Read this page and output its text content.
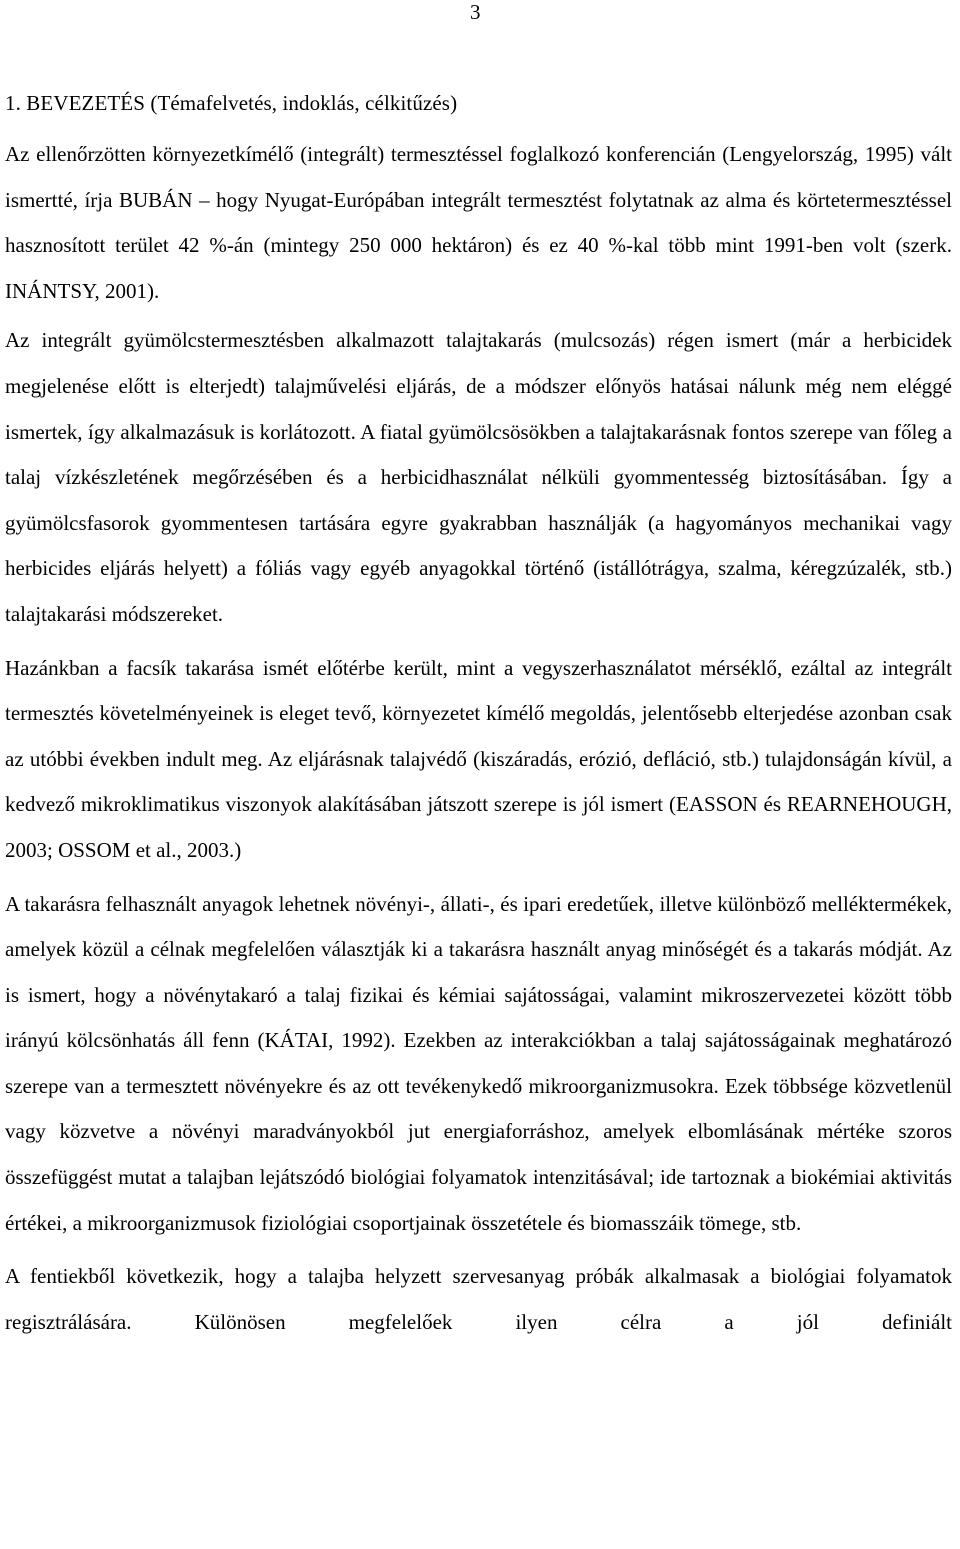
3
1. BEVEZETÉS (Témafelvetés, indoklás, célkitűzés)

Az ellenőrzötten környezetkímélő (integrált) termesztéssel foglalkozó konferencián (Lengyelország, 1995) vált ismertté, írja BUBÁN – hogy Nyugat-Európában integrált termesztést folytatnak az alma és körtetermesztéssel hasznosított terület 42 %-án (mintegy 250 000 hektáron) és ez 40 %-kal több mint 1991-ben volt (szerk. INÁNTSY, 2001).

Az integrált gyümölcstermesztésben alkalmazott talajtakarás (mulcsozás) régen ismert (már a herbicidek megjelenése előtt is elterjedt) talajművelési eljárás, de a módszer előnyös hatásai nálunk még nem eléggé ismertek, így alkalmazásuk is korlátozott. A fiatal gyümölcsösökben a talajtakarásnak fontos szerepe van főleg a talaj vízkészletének megőrzésében és a herbicidhasználat nélküli gyommentesség biztosításában. Így a gyümölcsfasorok gyommentesen tartására egyre gyakrabban használják (a hagyományos mechanikai vagy herbicides eljárás helyett) a fóliás vagy egyéb anyagokkal történő (istállótrágya, szalma, kéregzúzalék, stb.) talajtakarási módszereket.

Hazánkban a facsík takarása ismét előtérbe került, mint a vegyszerhasználatot mérséklő, ezáltal az integrált termesztés követelményeinek is eleget tevő, környezetet kímélő megoldás, jelentősebb elterjedése azonban csak az utóbbi években indult meg. Az eljárásnak talajvédő (kiszáradás, erózió, defláció, stb.) tulajdonságán kívül, a kedvező mikroklimatikus viszonyok alakításában játszott szerepe is jól ismert (EASSON és REARNEHOUGH, 2003; OSSOM et al., 2003.)

A takarásra felhasznált anyagok lehetnek növényi-, állati-, és ipari eredetűek, illetve különböző melléktermékek, amelyek közül a célnak megfelelően választják ki a takarásra használt anyag minőségét és a takarás módját. Az is ismert, hogy a növénytakaró a talaj fizikai és kémiai sajátosságai, valamint mikroszervezetei között több irányú kölcsönhatás áll fenn (KÁTAI, 1992). Ezekben az interakciókban a talaj sajátosságainak meghatározó szerepe van a termesztett növényekre és az ott tevékenykedő mikroorganizmusokra. Ezek többsége közvetlenül vagy közvetve a növényi maradványokból jut energiaforráshoz, amelyek elbomlásának mértéke szoros összefüggést mutat a talajban lejátszódó biológiai folyamatok intenzitásával; ide tartoznak a biokémiai aktivitás értékei, a mikroorganizmusok fiziológiai csoportjainak összetétele és biomasszáik tömege, stb.

A fentiekből következik, hogy a talajba helyzett szervesanyag próbák alkalmasak a biológiai folyamatok regisztrálására. Különösen megfelelőek ilyen célra a jól definiált
